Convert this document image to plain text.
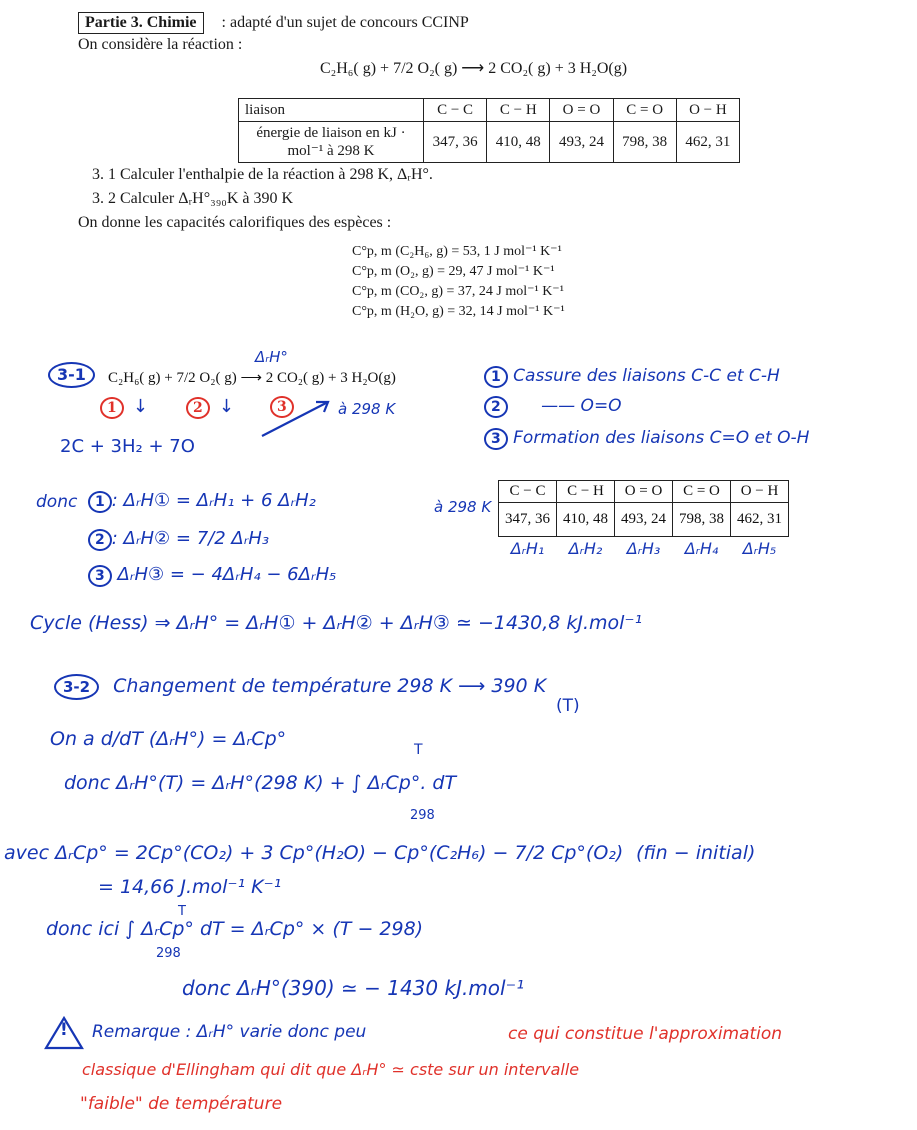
Partie 3. Chimie : adapté d'un sujet de concours CCINP
On considère la réaction :
C₂H₆( g) + 7/2 O₂( g) ⟶ 2 CO₂( g) + 3 H₂O(g)
liaison	C − C	C − H	O = O	C = O	O − H
énergie de liaison en kJ · mol⁻¹ à 298 K	347, 36	410, 48	493, 24	798, 38	462, 31
3. 1 Calculer l'enthalpie de la réaction à 298 K, ΔᵣH°.
3. 2 Calculer ΔᵣH°₃₉₀K à 390 K
On donne les capacités calorifiques des espèces :
C°p, m (C₂H₆, g) = 53, 1 J mol⁻¹ K⁻¹
C°p, m (O₂, g) = 29, 47 J mol⁻¹ K⁻¹
C°p, m (CO₂, g) = 37, 24 J mol⁻¹ K⁻¹
C°p, m (H₂O, g) = 32, 14 J mol⁻¹ K⁻¹
3-1
ΔᵣH°
C₂H₆( g) + 7/2 O₂( g) ⟶ 2 CO₂( g) + 3 H₂O(g)
1 ↓	2 ↓	3	à 298 K
2C + 3H₂ + 7O
1 Cassure des liaisons C-C et C-H
2 —— O=O
3 Formation des liaisons C=O et O-H
donc	1 : ΔᵣH① = ΔᵣH₁ + 6 ΔᵣH₂
2 : ΔᵣH② = 7/2 ΔᵣH₃
3 ΔᵣH③ = − 4ΔᵣH₄ − 6ΔᵣH₅
à 298 K
C − C	C − H	O = O	C = O	O − H
347, 36	410, 48	493, 24	798, 38	462, 31
ΔᵣH₁	ΔᵣH₂	ΔᵣH₃	ΔᵣH₄	ΔᵣH₅
Cycle (Hess) ⇒ ΔᵣH° = ΔᵣH① + ΔᵣH② + ΔᵣH③ ≃ −1430,8 kJ.mol⁻¹
3-2 Changement de température 298 K ⟶ 390 K
(T)
On a d/dT (ΔᵣH°) = ΔᵣCp°	T
donc ΔᵣH°(T) = ΔᵣH°(298 K) + ∫ ΔᵣCp°. dT
298
avec ΔᵣCp° = 2Cp°(CO₂) + 3 Cp°(H₂O) − Cp°(C₂H₆) − 7/2 Cp°(O₂) (fin − initial)
= 14,66 J.mol⁻¹ K⁻¹
T
donc ici ∫ ΔᵣCp° dT = ΔᵣCp° × (T − 298)
298
donc ΔᵣH°(390) ≃ − 1430 kJ.mol⁻¹
! Remarque : ΔᵣH° varie donc peu	ce qui constitue l'approximation
classique d'Ellingham qui dit que ΔᵣH° ≃ cste sur un intervalle
"faible" de température
